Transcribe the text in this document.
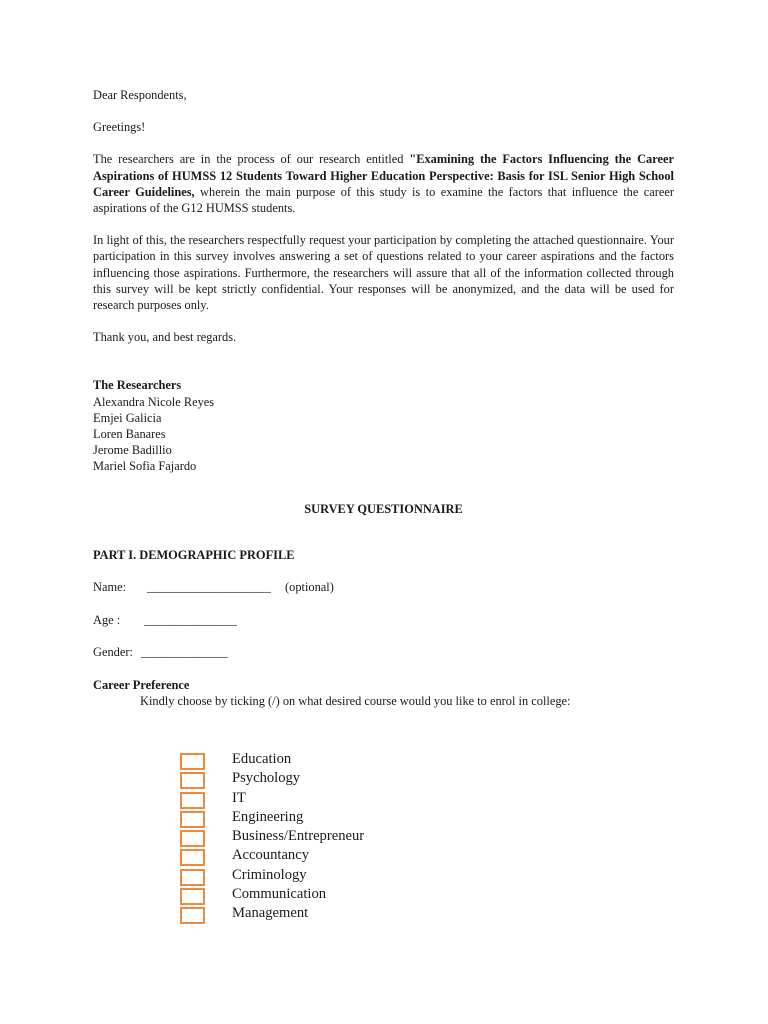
Dear Respondents,

Greetings!

The researchers are in the process of our research entitled "Examining the Factors Influencing the Career Aspirations of HUMSS 12 Students Toward Higher Education Perspective: Basis for ISL Senior High School Career Guidelines, wherein the main purpose of this study is to examine the factors that influence the career aspirations of the G12 HUMSS students.

In light of this, the researchers respectfully request your participation by completing the attached questionnaire. Your participation in this survey involves answering a set of questions related to your career aspirations and the factors influencing those aspirations. Furthermore, the researchers will assure that all of the information collected through this survey will be kept strictly confidential. Your responses will be anonymized, and the data will be used for research purposes only.

Thank you, and best regards.

The Researchers

Alexandra Nicole Reyes

Emjei Galicia

Loren Banares

Jerome Badillio

Mariel Sofia Fajardo

SURVEY QUESTIONNAIRE

PART I. DEMOGRAPHIC PROFILE

Name: ____________________ (optional)
Age : _______________
Gender: ______________

Career Preference

Kindly choose by ticking (/) on what desired course would you like to enrol in college:

Education
Psychology
IT
Engineering
Business/Entrepreneur
Accountancy
Criminology
Communication
Management
